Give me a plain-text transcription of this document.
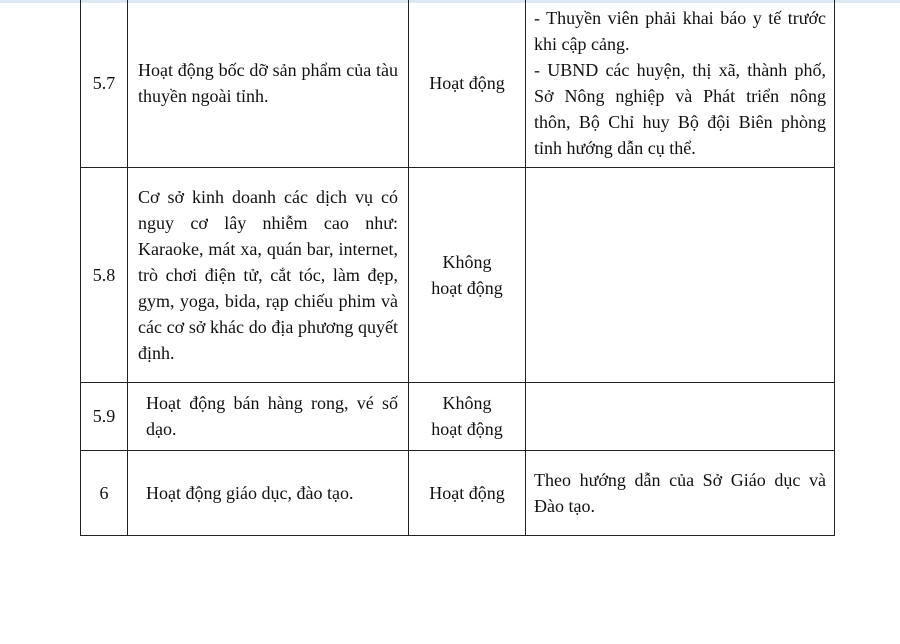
5.7	Hoạt động bốc dỡ sản phẩm của tàu thuyền ngoài tỉnh.	Hoạt động	- Thuyền viên phải khai báo y tế trước khi cập cảng.
- UBND các huyện, thị xã, thành phố, Sở Nông nghiệp và Phát triển nông thôn, Bộ Chỉ huy Bộ đội Biên phòng tỉnh hướng dẫn cụ thể.

5.8	Cơ sở kinh doanh các dịch vụ có nguy cơ lây nhiễm cao như: Karaoke, mát xa, quán bar, internet, trò chơi điện tử, cắt tóc, làm đẹp, gym, yoga, bida, rạp chiếu phim và các cơ sở khác do địa phương quyết định.	Không
hoạt động	

5.9	Hoạt động bán hàng rong, vé số dạo.	Không
hoạt động	

6	Hoạt động giáo dục, đào tạo.	Hoạt động	Theo hướng dẫn của Sở Giáo dục và Đào tạo.
